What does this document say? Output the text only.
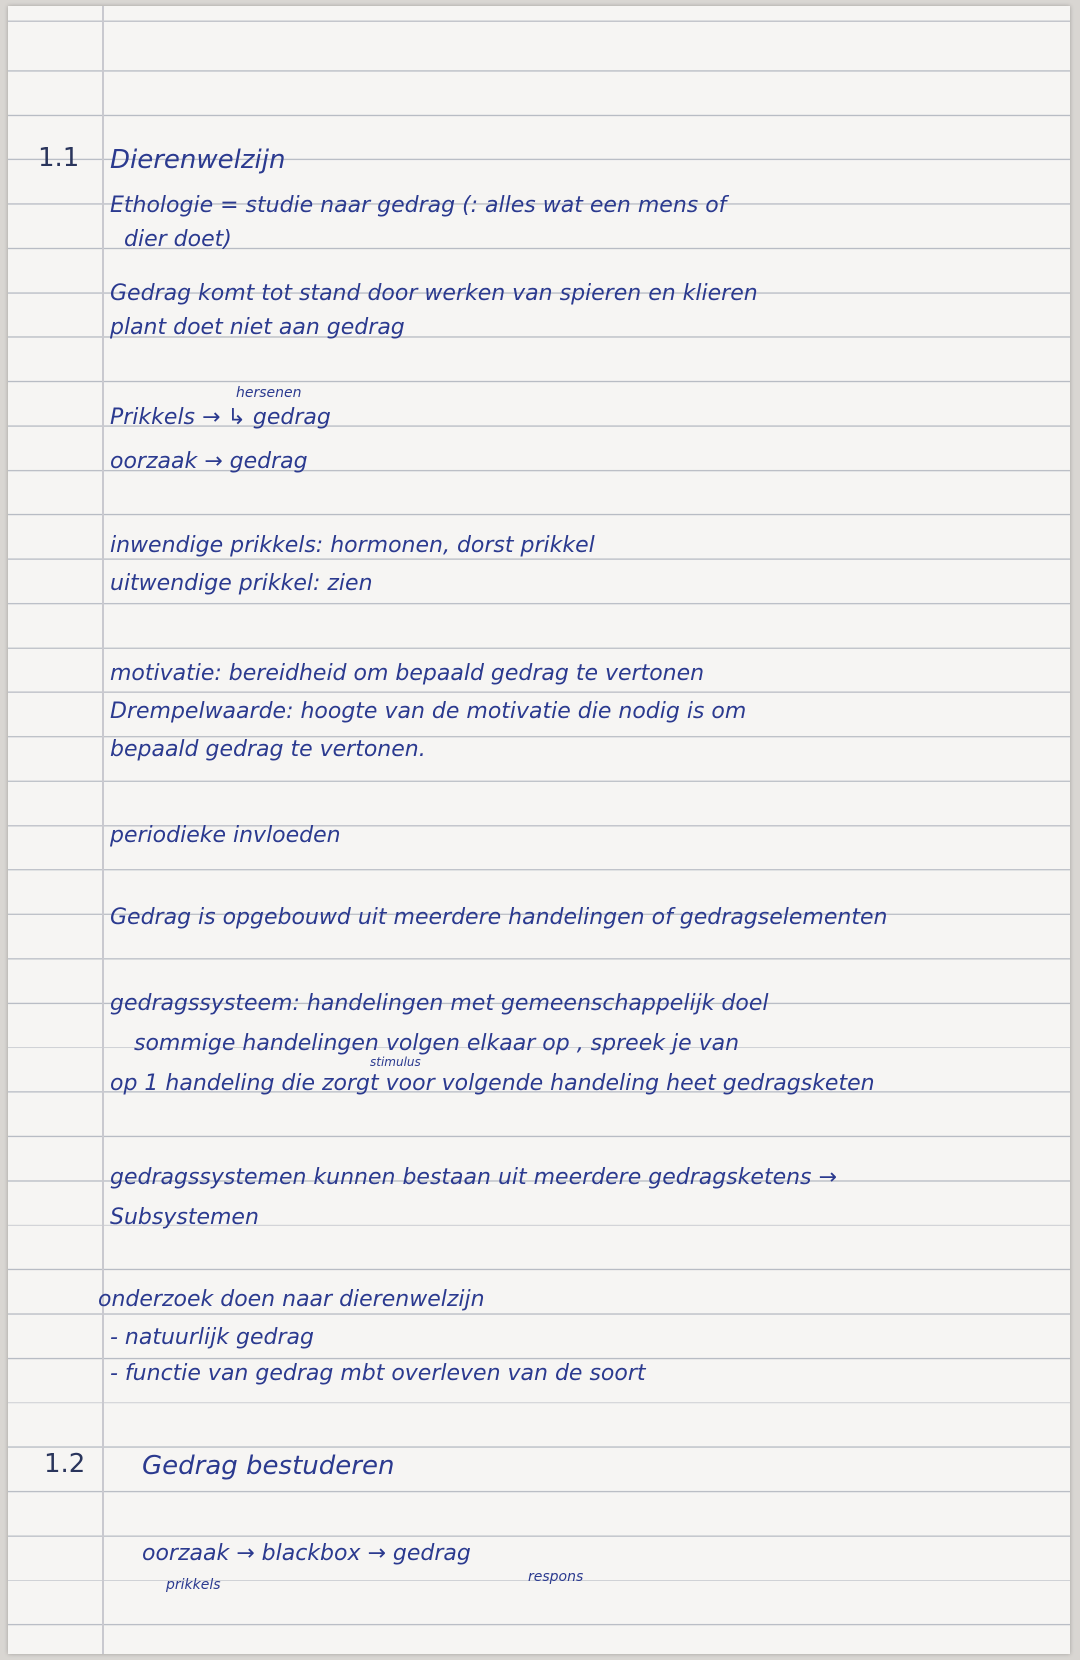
1.1 Dierenwelzijn

Ethologie = studie naar gedrag (: alles wat een mens of

dier doet)

Gedrag komt tot stand door werken van spieren en klieren

plant doet niet aan gedrag

hersenen

Prikkels → ↳ gedrag

oorzaak → gedrag

inwendige prikkels: hormonen, dorst prikkel

uitwendige prikkel: zien

motivatie: bereidheid om bepaald gedrag te vertonen

Drempelwaarde: hoogte van de motivatie die nodig is om

bepaald gedrag te vertonen.

periodieke invloeden

Gedrag is opgebouwd uit meerdere handelingen of gedragselementen

gedragssysteem: handelingen met gemeenschappelijk doel

sommige handelingen volgen elkaar op , spreek je van

stimulus

op 1 handeling die zorgt voor volgende handeling heet gedragsketen

gedragssystemen kunnen bestaan uit meerdere gedragsketens →

Subsystemen

onderzoek doen naar dierenwelzijn

- natuurlijk gedrag

- functie van gedrag mbt overleven van de soort

1.2 Gedrag bestuderen

oorzaak → blackbox → gedrag

prikkels	respons
